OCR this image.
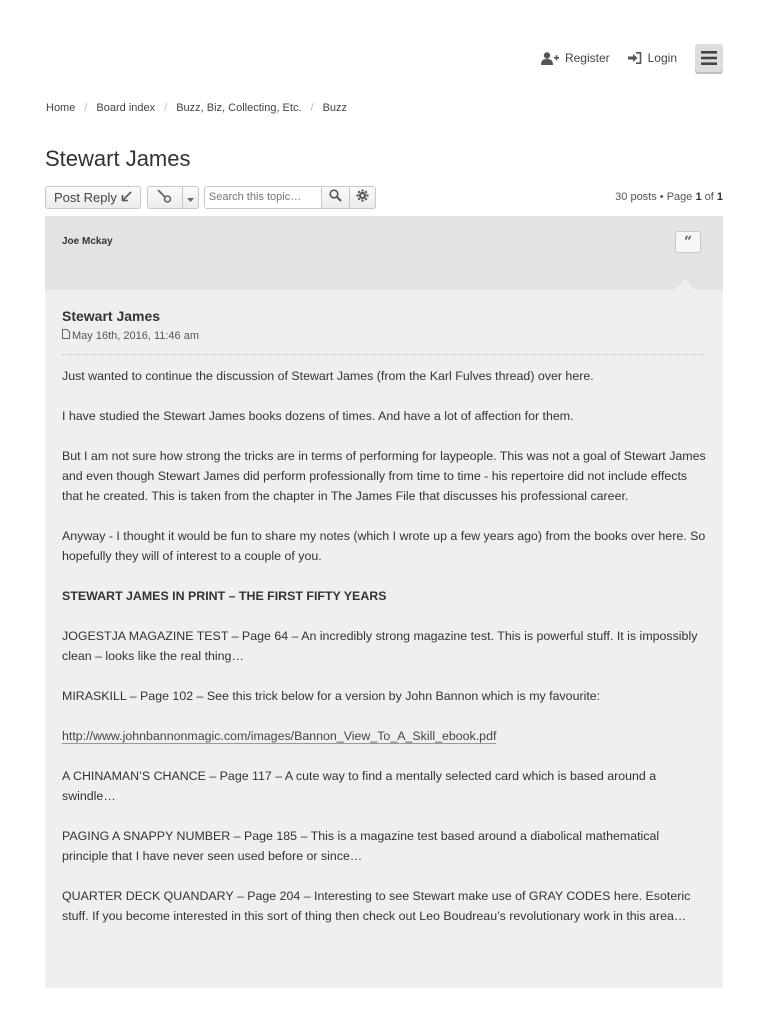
Register	Login
Home / Board index / Buzz, Biz, Collecting, Etc. / Buzz
Stewart James
Post Reply
Search this topic…	30 posts • Page 1 of 1
Joe Mckay	“
Stewart James
May 16th, 2016, 11:46 am

Just wanted to continue the discussion of Stewart James (from the Karl Fulves thread) over here.

I have studied the Stewart James books dozens of times. And have a lot of affection for them.

But I am not sure how strong the tricks are in terms of performing for laypeople. This was not a goal of Stewart James and even though Stewart James did perform professionally from time to time - his repertoire did not include effects that he created. This is taken from the chapter in The James File that discusses his professional career.

Anyway - I thought it would be fun to share my notes (which I wrote up a few years ago) from the books over here. So hopefully they will of interest to a couple of you.

STEWART JAMES IN PRINT – THE FIRST FIFTY YEARS

JOGESTJA MAGAZINE TEST – Page 64 – An incredibly strong magazine test. This is powerful stuff. It is impossibly clean – looks like the real thing…

MIRASKILL – Page 102 – See this trick below for a version by John Bannon which is my favourite:

http://www.johnbannonmagic.com/images/Bannon_View_To_A_Skill_ebook.pdf

A CHINAMAN’S CHANCE – Page 117 – A cute way to find a mentally selected card which is based around a swindle…

PAGING A SNAPPY NUMBER – Page 185 – This is a magazine test based around a diabolical mathematical principle that I have never seen used before or since…

QUARTER DECK QUANDARY – Page 204 – Interesting to see Stewart make use of GRAY CODES here. Esoteric stuff. If you become interested in this sort of thing then check out Leo Boudreau’s revolutionary work in this area…
